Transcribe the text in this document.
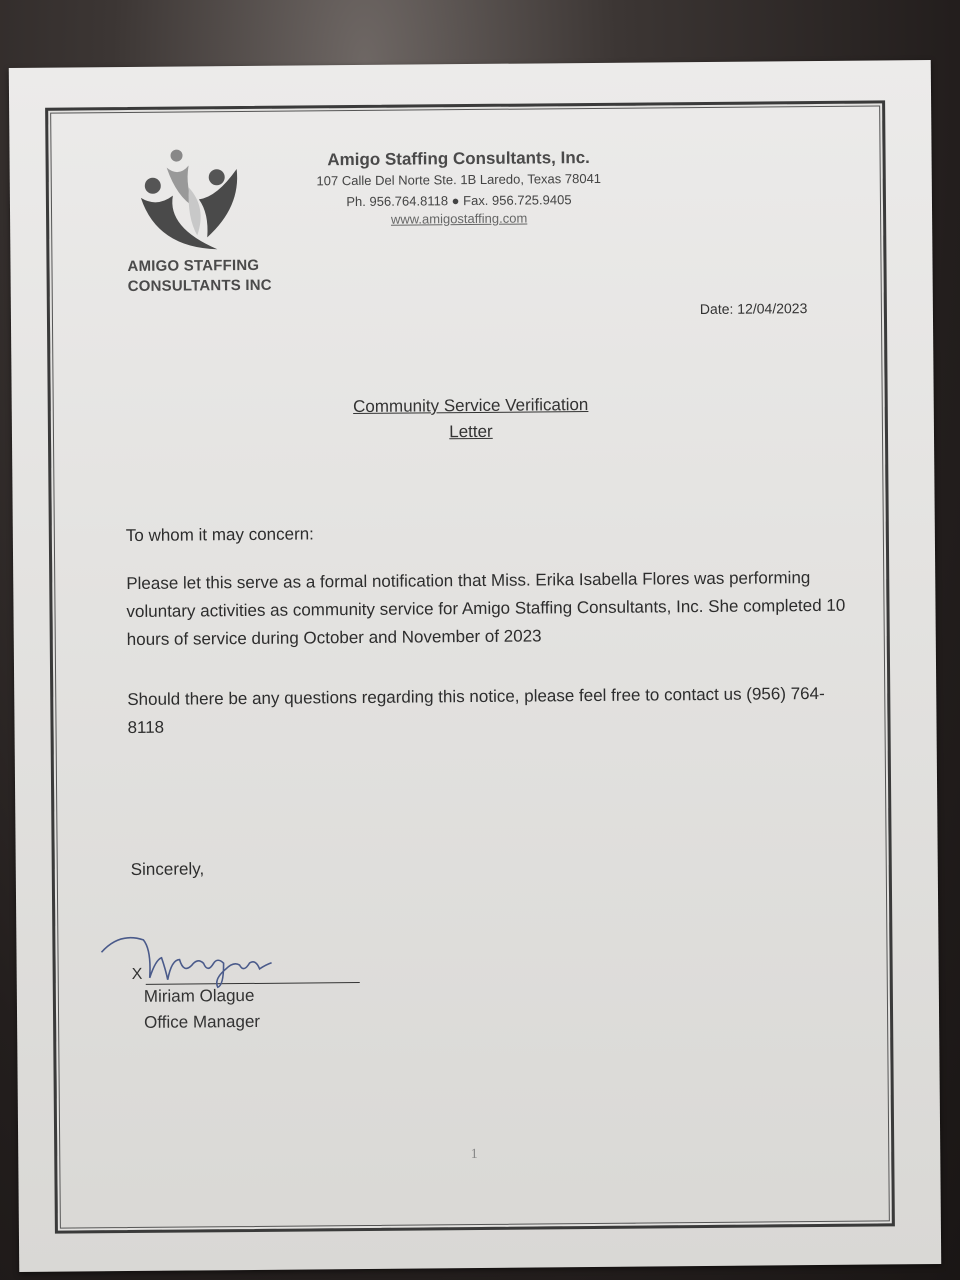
AMIGO STAFFING
CONSULTANTS INC
Amigo Staffing Consultants, Inc.
107 Calle Del Norte Ste. 1B Laredo, Texas 78041
Ph. 956.764.8118 ● Fax. 956.725.9405
www.amigostaffing.com
Date: 12/04/2023
Community Service Verification
Letter

To whom it may concern:

Please let this serve as a formal notification that Miss. Erika Isabella Flores was performing voluntary activities as community service for Amigo Staffing Consultants, Inc. She completed 10 hours of service during October and November of 2023

Should there be any questions regarding this notice, please feel free to contact us (956) 764-8118

Sincerely,
X
Miriam Olague
Office Manager
1
